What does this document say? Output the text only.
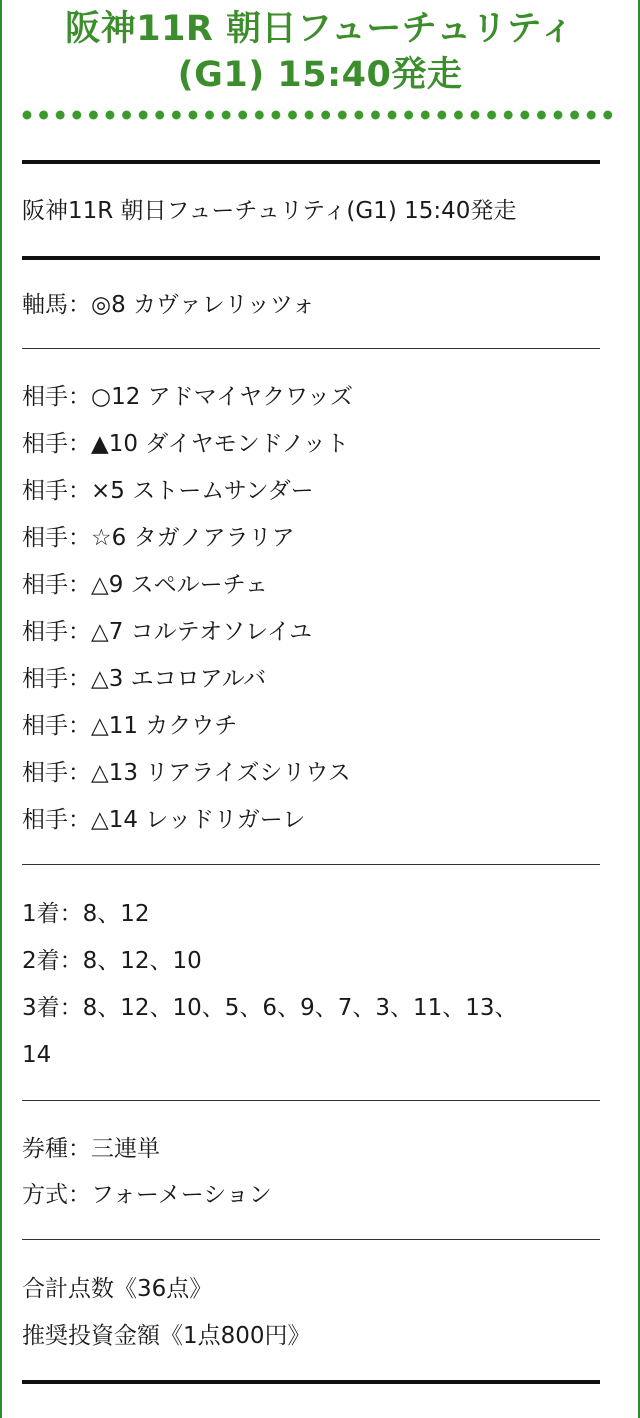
阪神11R 朝日フューチュリティ
(G1) 15:40発走
阪神11R 朝日フューチュリティ(G1) 15:40発走
軸馬：◎8 カヴァレリッツォ
相手：○12 アドマイヤクワッズ
相手：▲10 ダイヤモンドノット
相手：×5 ストームサンダー
相手：☆6 タガノアラリア
相手：△9 スペルーチェ
相手：△7 コルテオソレイユ
相手：△3 エコロアルバ
相手：△11 カクウチ
相手：△13 リアライズシリウス
相手：△14 レッドリガーレ
1着：8、12
2着：8、12、10
3着：8、12、10、5、6、9、7、3、11、13、
14
券種：三連単
方式：フォーメーション
合計点数《36点》
推奨投資金額《1点800円》
